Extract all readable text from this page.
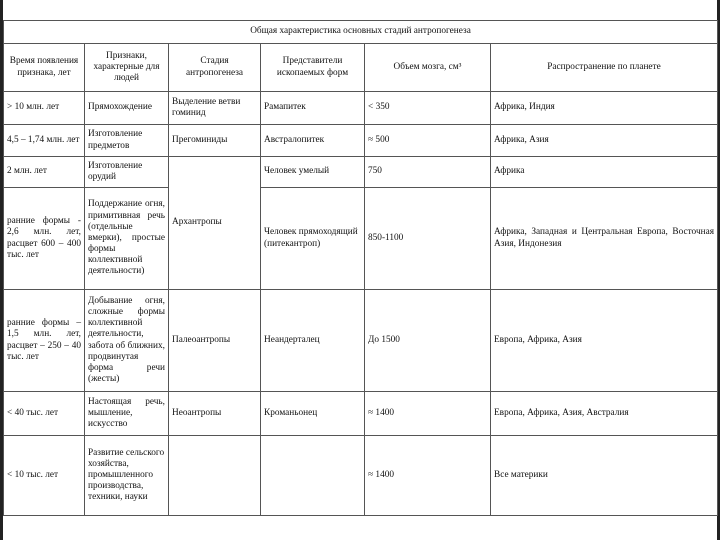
Общая характеристика основных стадий антропогенеза					
Время появления признака, лет	Признаки, характерные для людей	Стадия антропогенеза	Представители ископаемых форм	Объем мозга, см³	Распространение по планете
> 10 млн. лет	Прямохождение	Выделение ветви гоминид	Рамапитек	< 350	Африка, Индия
4,5 – 1,74 млн. лет	Изготовление предметов	Прегоминиды	Австралопитек	≈ 500	Африка, Азия
2 млн. лет	Изготовление орудий	Архантропы	Человек умелый	750	Африка
ранние формы - 2,6 млн. лет, расцвет 600 – 400 тыс. лет	Поддержание огня, примитивная речь (отдельные вмерки), простые формы коллективной деятельности)		Человек прямоходящий (питекантроп)	850-1100	Африка, Западная и Центральная Европа, Восточная Азия, Индонезия
ранние формы – 1,5 млн. лет, расцвет – 250 – 40 тыс. лет	Добывание огня, сложные формы коллективной деятельности, забота об ближних, продвинутая форма речи (жесты)	Палеоантропы	Неандерталец	До 1500	Европа, Африка, Азия
< 40 тыс. лет	Настоящая речь, мышление, искусство	Неоантропы	Кроманьонец	≈ 1400	Европа, Африка, Азия, Австралия
< 10 тыс. лет	Развитие сельского хозяйства, промышленного производства, техники, науки			≈ 1400	Все материки
